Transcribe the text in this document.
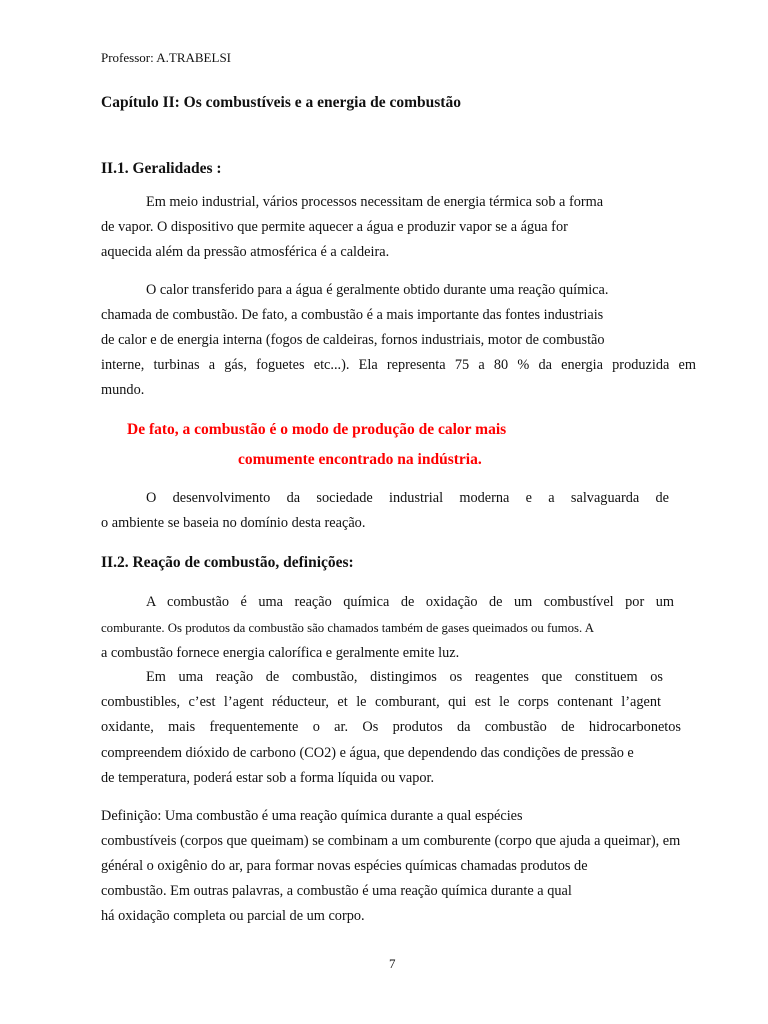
Professor: A.TRABELSI
Capítulo II: Os combustíveis e a energia de combustão
II.1. Geralidades :
Em meio industrial, vários processos necessitam de energia térmica sob a forma
de vapor. O dispositivo que permite aquecer a água e produzir vapor se a água for
aquecida além da pressão atmosférica é a caldeira.
O calor transferido para a água é geralmente obtido durante uma reação química.
chamada de combustão. De fato, a combustão é a mais importante das fontes industriais
de calor e de energia interna (fogos de caldeiras, fornos industriais, motor de combustão
interne, turbinas a gás, foguetes etc...). Ela representa 75 a 80 % da energia produzida em
mundo.
De fato, a combustão é o modo de produção de calor mais
comumente encontrado na indústria.
O desenvolvimento da sociedade industrial moderna e a salvaguarda de
o ambiente se baseia no domínio desta reação.
II.2. Reação de combustão, definições:
A combustão é uma reação química de oxidação de um combustível por um
comburante. Os produtos da combustão são chamados também de gases queimados ou fumos. A
a combustão fornece energia calorífica e geralmente emite luz.
Em uma reação de combustão, distingimos os reagentes que constituem os
combustibles, c’est l’agent réducteur, et le comburant, qui est le corps contenant l’agent
oxidante, mais frequentemente o ar. Os produtos da combustão de hidrocarbonetos
compreendem dióxido de carbono (CO2) e água, que dependendo das condições de pressão e
de temperatura, poderá estar sob a forma líquida ou vapor.
Definição: Uma combustão é uma reação química durante a qual espécies
combustíveis (corpos que queimam) se combinam a um comburente (corpo que ajuda a queimar), em
général o oxigênio do ar, para formar novas espécies químicas chamadas produtos de
combustão. Em outras palavras, a combustão é uma reação química durante a qual
há oxidação completa ou parcial de um corpo.
7
